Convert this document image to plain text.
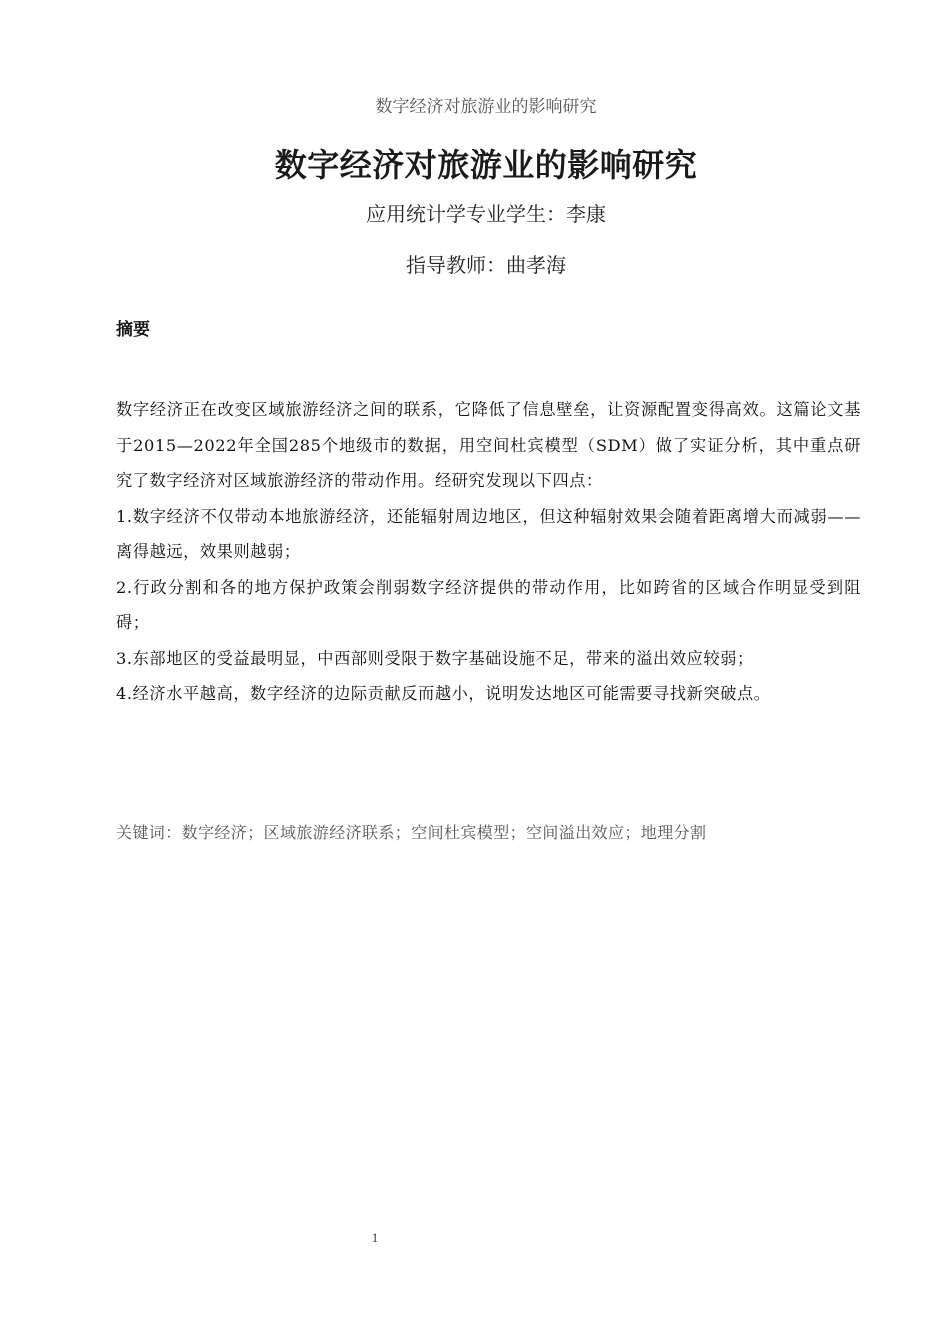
数字经济对旅游业的影响研究
数字经济对旅游业的影响研究
应用统计学专业学生：李康
指导教师：曲孝海
摘要

数字经济正在改变区域旅游经济之间的联系，它降低了信息壁垒，让资源配置变得高效。这篇论文基于2015—2022年全国285个地级市的数据，用空间杜宾模型（SDM）做了实证分析，其中重点研究了数字经济对区域旅游经济的带动作用。经研究发现以下四点：

1.数字经济不仅带动本地旅游经济，还能辐射周边地区，但这种辐射效果会随着距离增大而减弱——离得越远，效果则越弱；

2.行政分割和各的地方保护政策会削弱数字经济提供的带动作用，比如跨省的区域合作明显受到阻碍；

3.东部地区的受益最明显，中西部则受限于数字基础设施不足，带来的溢出效应较弱；

4.经济水平越高，数字经济的边际贡献反而越小，说明发达地区可能需要寻找新突破点。

关键词：数字经济；区域旅游经济联系；空间杜宾模型；空间溢出效应；地理分割
1
